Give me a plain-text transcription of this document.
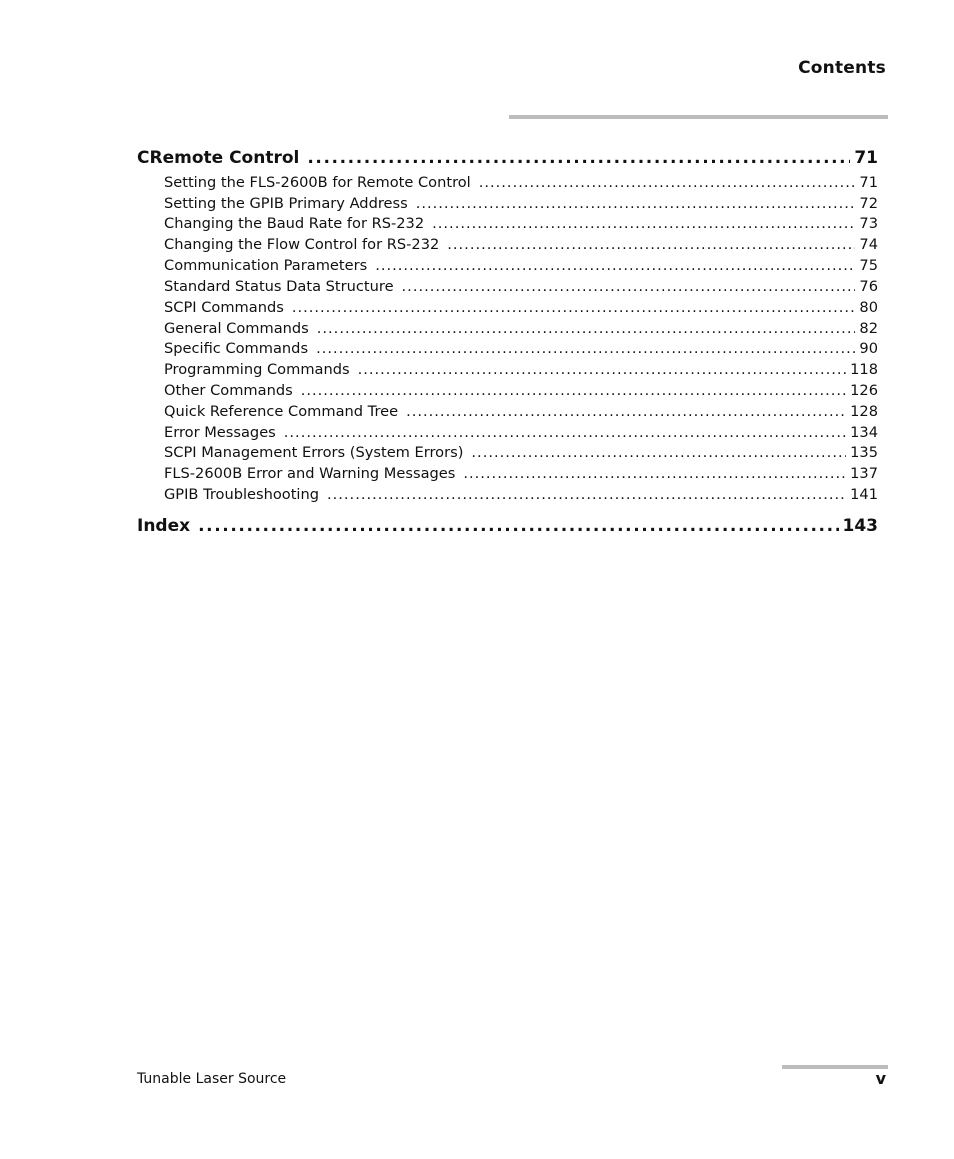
Contents
C Remote Control .....	71
Setting the FLS-2600B for Remote Control .....	71
Setting the GPIB Primary Address .....	72
Changing the Baud Rate for RS-232 .....	73
Changing the Flow Control for RS-232 .....	74
Communication Parameters .....	75
Standard Status Data Structure .....	76
SCPI Commands .....	80
General Commands .....	82
Specific Commands .....	90
Programming Commands .....	118
Other Commands .....	126
Quick Reference Command Tree .....	128
Error Messages .....	134
SCPI Management Errors (System Errors) .....	135
FLS-2600B Error and Warning Messages .....	137
GPIB Troubleshooting .....	141
Index .....	143
Tunable Laser Source	v
